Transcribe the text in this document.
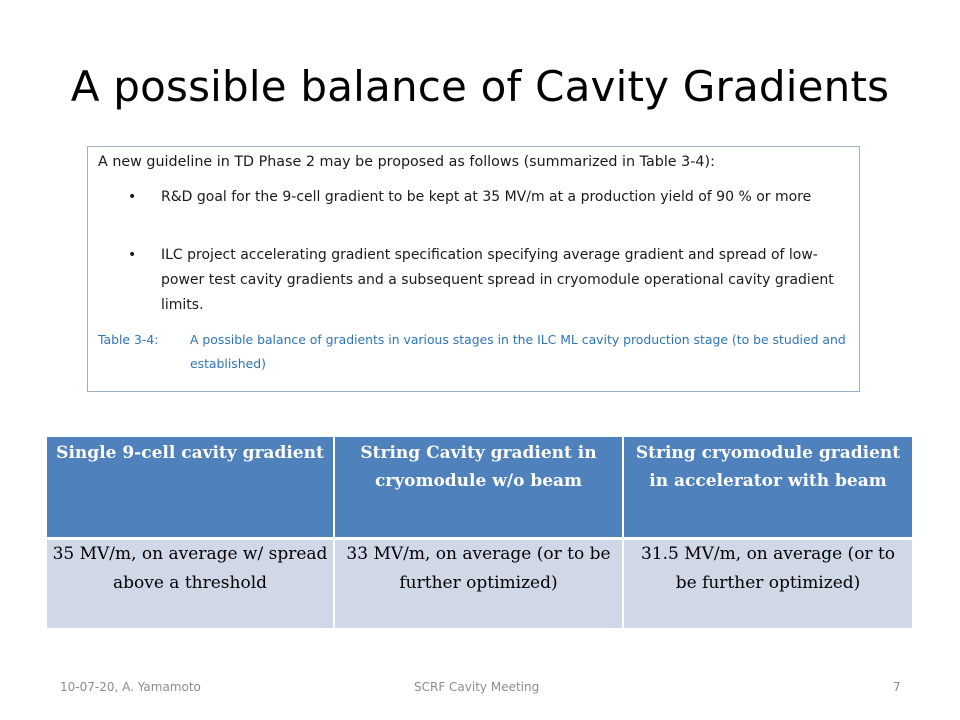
A possible balance of Cavity Gradients
A new guideline in TD Phase 2 may be proposed as follows (summarized in Table 3-4):
• R&D goal for the 9-cell gradient to be kept at 35 MV/m at a production yield of 90 % or more
• ILC project accelerating gradient specification specifying average gradient and spread of low-power test cavity gradients and a subsequent spread in cryomodule operational cavity gradient limits.
Table 3-4:	A possible balance of gradients in various stages in the ILC ML cavity production stage (to be studied and established)
Single 9-cell cavity gradient	String Cavity gradient in cryomodule w/o beam	String cryomodule gradient in accelerator with beam
35 MV/m, on average w/ spread above a threshold	33 MV/m, on average (or to be further optimized)	31.5 MV/m, on average (or to be further optimized)
10-07-20, A. Yamamoto	SCRF Cavity Meeting	7
